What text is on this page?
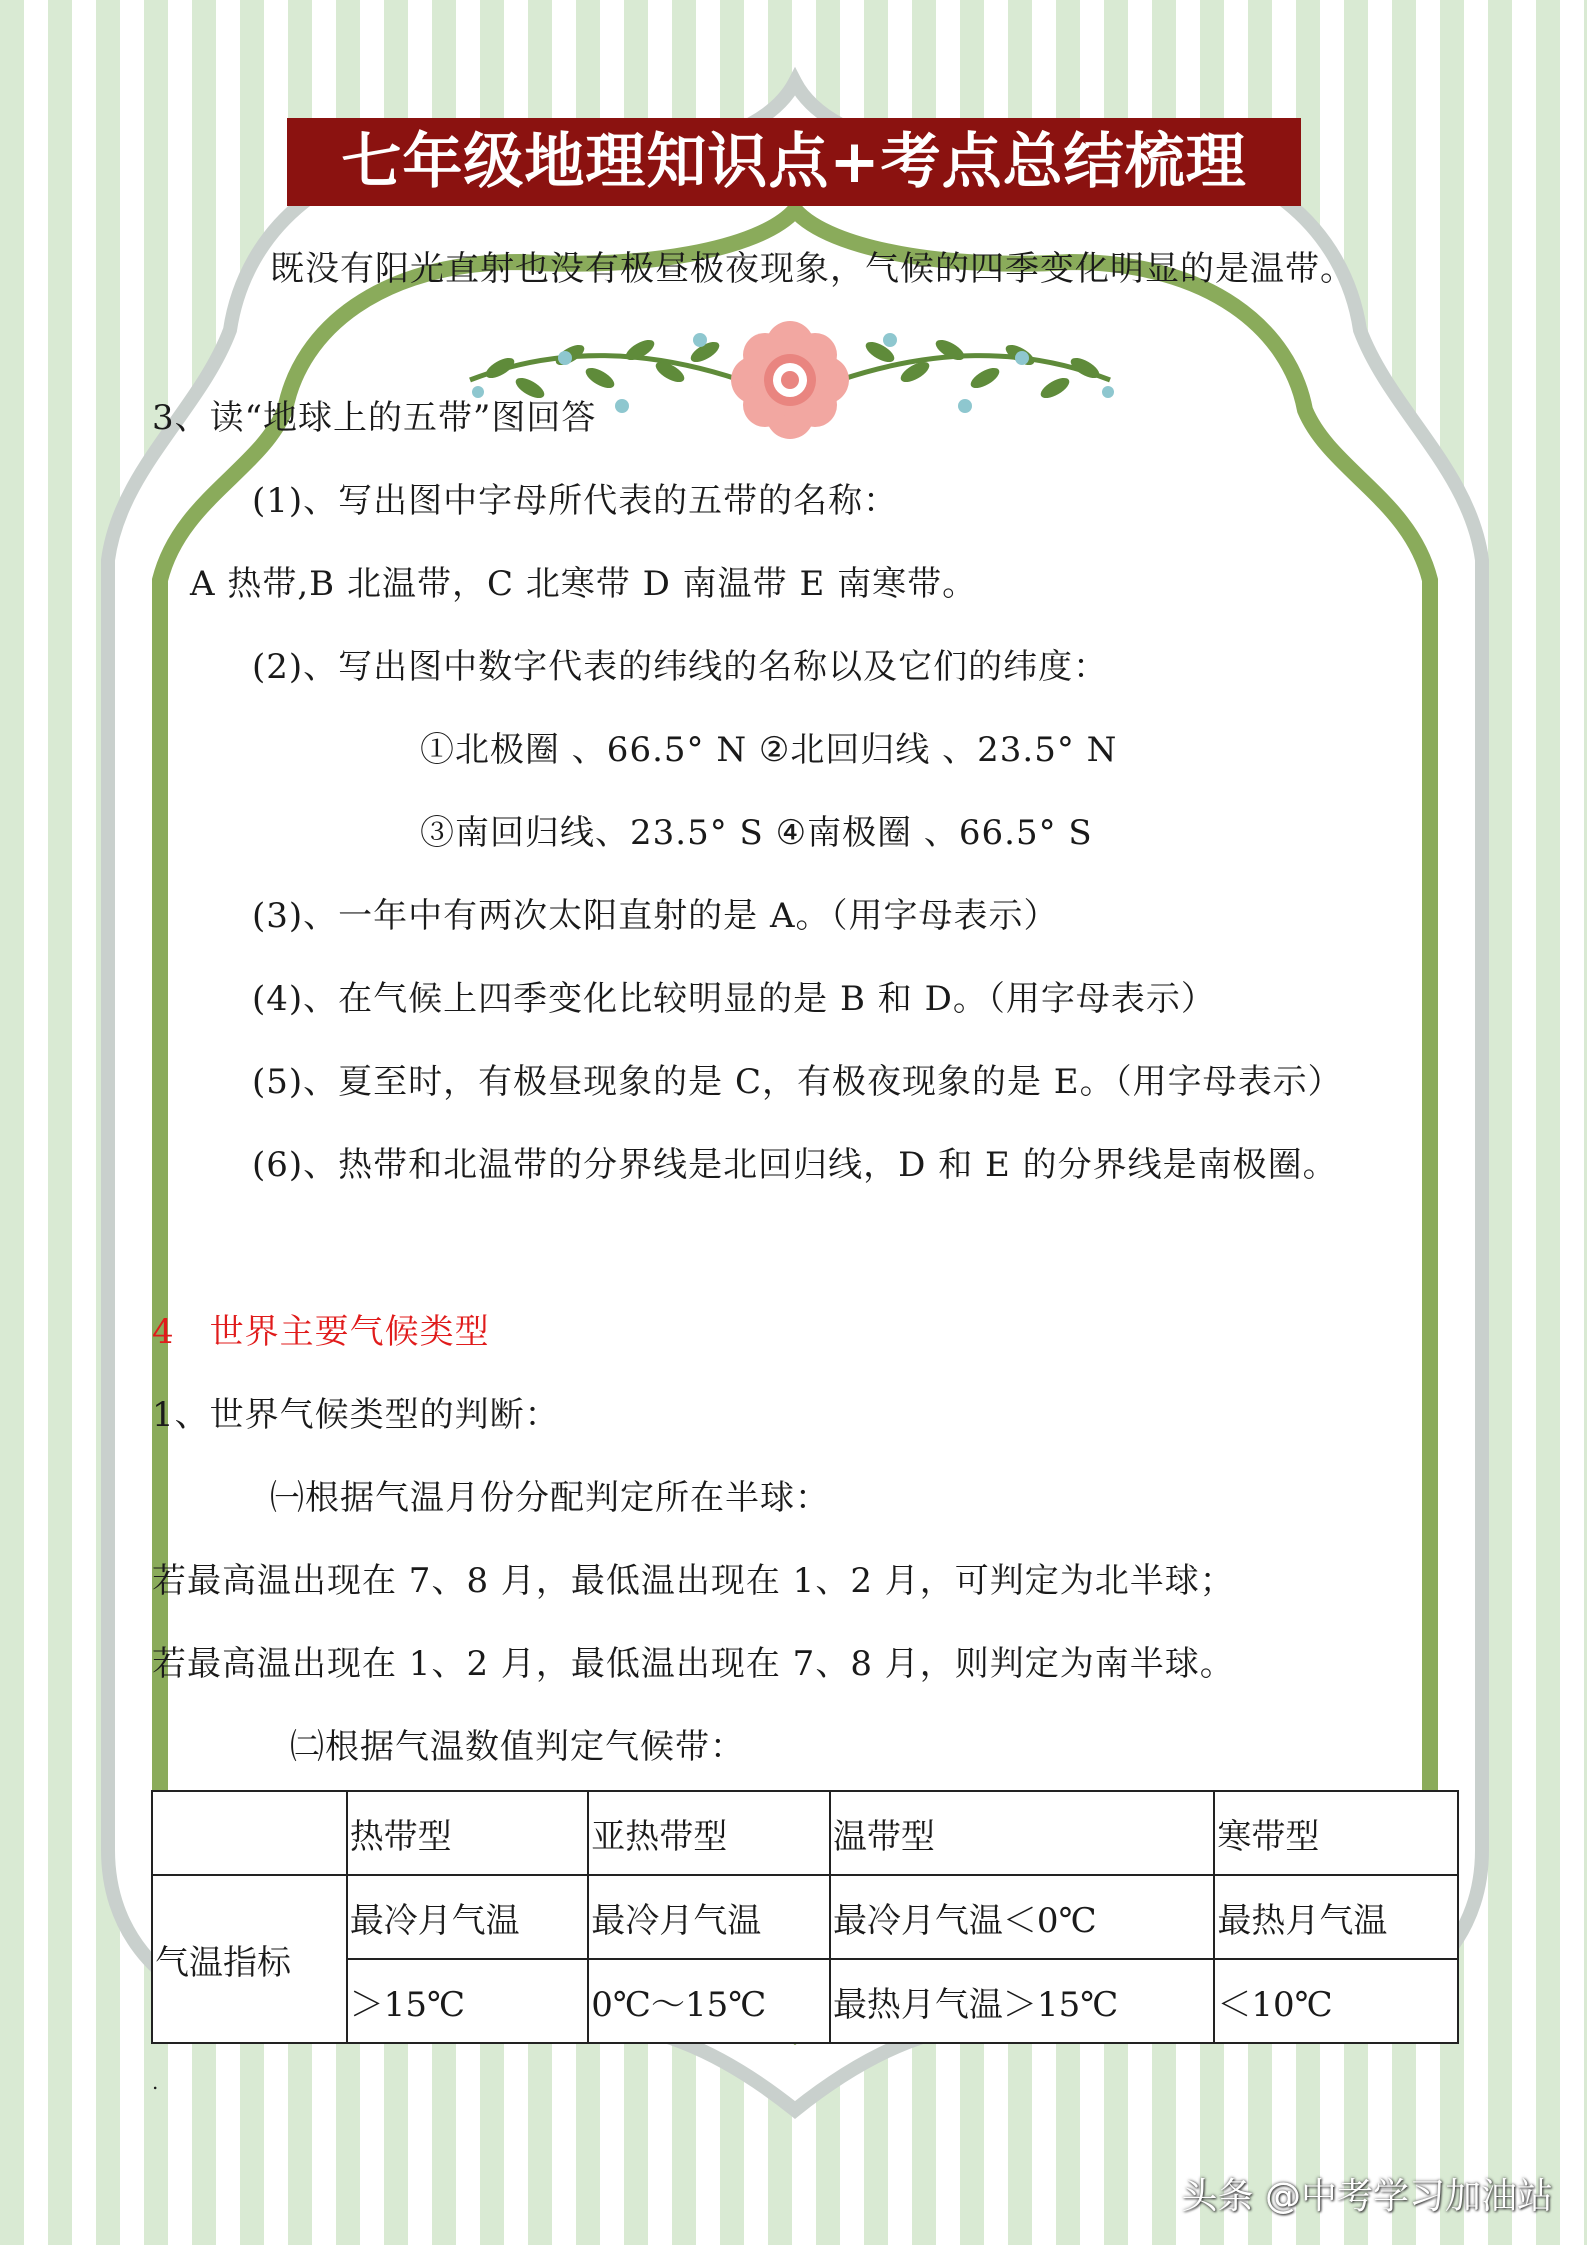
七年级地理知识点+考点总结梳理
既没有阳光直射也没有极昼极夜现象，气候的四季变化明显的是温带。
3、读“地球上的五带”图回答
(1)、写出图中字母所代表的五带的名称：
A 热带,B 北温带，C 北寒带 D 南温带 E 南寒带。
(2)、写出图中数字代表的纬线的名称以及它们的纬度：
①北极圈 、66.5° N ②北回归线 、23.5° N
③南回归线、23.5° S ④南极圈 、66.5° S
(3)、一年中有两次太阳直射的是 A。（用字母表示）
(4)、在气候上四季变化比较明显的是 B 和 D。（用字母表示）
(5)、夏至时，有极昼现象的是 C，有极夜现象的是 E。（用字母表示）
(6)、热带和北温带的分界线是北回归线，D 和 E 的分界线是南极圈。
4　世界主要气候类型
1、世界气候类型的判断：
㈠根据气温月份分配判定所在半球：
若最高温出现在 7、8 月，最低温出现在 1、2 月，可判定为北半球；
若最高温出现在 1、2 月，最低温出现在 7、8 月，则判定为南半球。
㈡根据气温数值判定气候带：
	热带型	亚热带型	温带型	寒带型
气温指标	最冷月气温	最冷月气温	最冷月气温＜0℃	最热月气温
	＞15℃	0℃～15℃	最热月气温＞15℃	＜10℃
.
头条 @中考学习加油站
